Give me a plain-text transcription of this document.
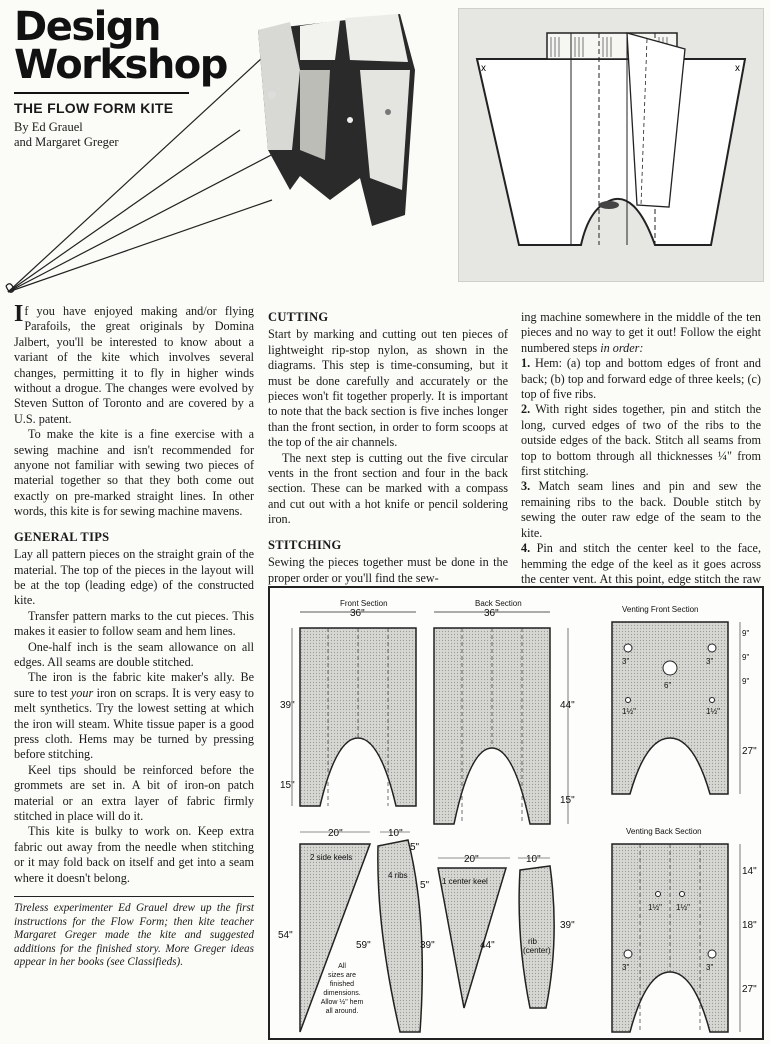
Design
Workshop
THE FLOW FORM KITE
By Ed Grauel
and Margaret Greger
x	x

If you have enjoyed making and/or flying Parafoils, the great originals by Domina Jalbert, you'll be interested to know about a variant of the kite which involves several changes, permitting it to fly in higher winds without a drogue. The changes were evolved by Steven Sutton of Toronto and are covered by a U.S. patent.

To make the kite is a fine exercise with a sewing machine and isn't recommended for anyone not familiar with sewing two pieces of material together so that they both come out exactly on pre-marked straight lines. In other words, this kite is for sewing machine mavens.

GENERAL TIPS

Lay all pattern pieces on the straight grain of the material. The top of the pieces in the layout will be at the top (leading edge) of the constructed kite.

Transfer pattern marks to the cut pieces. This makes it easier to follow seam and hem lines.

One-half inch is the seam allowance on all edges. All seams are double stitched.

The iron is the fabric kite maker's ally. Be sure to test your iron on scraps. It is very easy to melt synthetics. Try the lowest setting at which the iron will steam. White tissue paper is a good press cloth. Hems may be turned by pressing before stitching.

Keel tips should be reinforced before the grommets are set in. A bit of iron-on patch material or an extra layer of fabric firmly stitched in place will do it.

This kite is bulky to work on. Keep extra fabric out away from the needle when stitching or it may fold back on itself and get into a seam where it doesn't belong.

Tireless experimenter Ed Grauel drew up the first instructions for the Flow Form; then kite teacher Margaret Greger made the kite and suggested additions for the finished story. More Greger ideas appear in her books (see Classifieds).
CUTTING

Start by marking and cutting out ten pieces of lightweight rip-stop nylon, as shown in the diagrams. This step is time-consuming, but it must be done carefully and accurately or the pieces won't fit together properly. It is important to note that the back section is five inches longer than the front section, in order to form scoops at the top of the air channels.

The next step is cutting out the five circular vents in the front section and four in the back section. These can be marked with a compass and cut out with a hot knife or pencil soldering iron.

STITCHING

Sewing the pieces together must be done in the proper order or you'll find the sew-

ing machine somewhere in the middle of the ten pieces and no way to get it out! Follow the eight numbered steps in order:

1. Hem: (a) top and bottom edges of front and back; (b) top and forward edge of three keels; (c) top of five ribs.

2. With right sides together, pin and stitch the long, curved edges of two of the ribs to the outside edges of the back. Stitch all seams from top to bottom through all thicknesses ¼" from first stitching.

3. Match seam lines and pin and sew the remaining ribs to the back. Double stitch by sewing the outer raw edge of the seam to the kite.

4. Pin and stitch the center keel to the face, hemming the edge of the keel as it goes across the center vent. At this point, edge stitch the raw

Front Section
36"
39"
15"
Back Section
36"
44"
15"
20"	10"
5"
20"	10"
5"
2 side keels
54"
4 ribs
59"
All
sizes are
finished
dimensions.
Allow ½" hem
all around.
1 center keel
39"	44"	rib
(center)
39"
Venting Front Section
3"	3"
6"
1½"	1½"
9"
9"
9"
27"
Venting Back Section
1½" 1½"
3"	3"
14"
18"
27"
